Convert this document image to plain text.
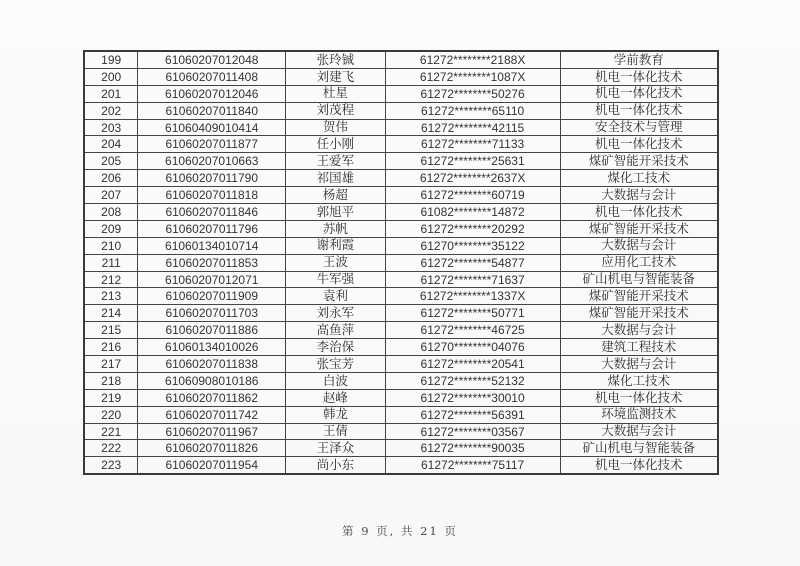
199	61060207012048	张玲铖	61272********2188X	学前教育
200	61060207011408	刘建飞	61272********1087X	机电一体化技术
201	61060207012046	杜星	61272********50276	机电一体化技术
202	61060207011840	刘茂程	61272********65110	机电一体化技术
203	61060409010414	贺伟	61272********42115	安全技术与管理
204	61060207011877	任小刚	61272********71133	机电一体化技术
205	61060207010663	王爱军	61272********25631	煤矿智能开采技术
206	61060207011790	祁国雄	61272********2637X	煤化工技术
207	61060207011818	杨超	61272********60719	大数据与会计
208	61060207011846	郭旭平	61082********14872	机电一体化技术
209	61060207011796	苏帆	61272********20292	煤矿智能开采技术
210	61060134010714	谢利霞	61270********35122	大数据与会计
211	61060207011853	王波	61272********54877	应用化工技术
212	61060207012071	牛军强	61272********71637	矿山机电与智能装备
213	61060207011909	袁利	61272********1337X	煤矿智能开采技术
214	61060207011703	刘永军	61272********50771	煤矿智能开采技术
215	61060207011886	高鱼萍	61272********46725	大数据与会计
216	61060134010026	李治保	61270********04076	建筑工程技术
217	61060207011838	张宝芳	61272********20541	大数据与会计
218	61060908010186	白波	61272********52132	煤化工技术
219	61060207011862	赵峰	61272********30010	机电一体化技术
220	61060207011742	韩龙	61272********56391	环境监测技术
221	61060207011967	王倩	61272********03567	大数据与会计
222	61060207011826	王泽众	61272********90035	矿山机电与智能装备
223	61060207011954	尚小东	61272********75117	机电一体化技术
第 9 页, 共 21 页
